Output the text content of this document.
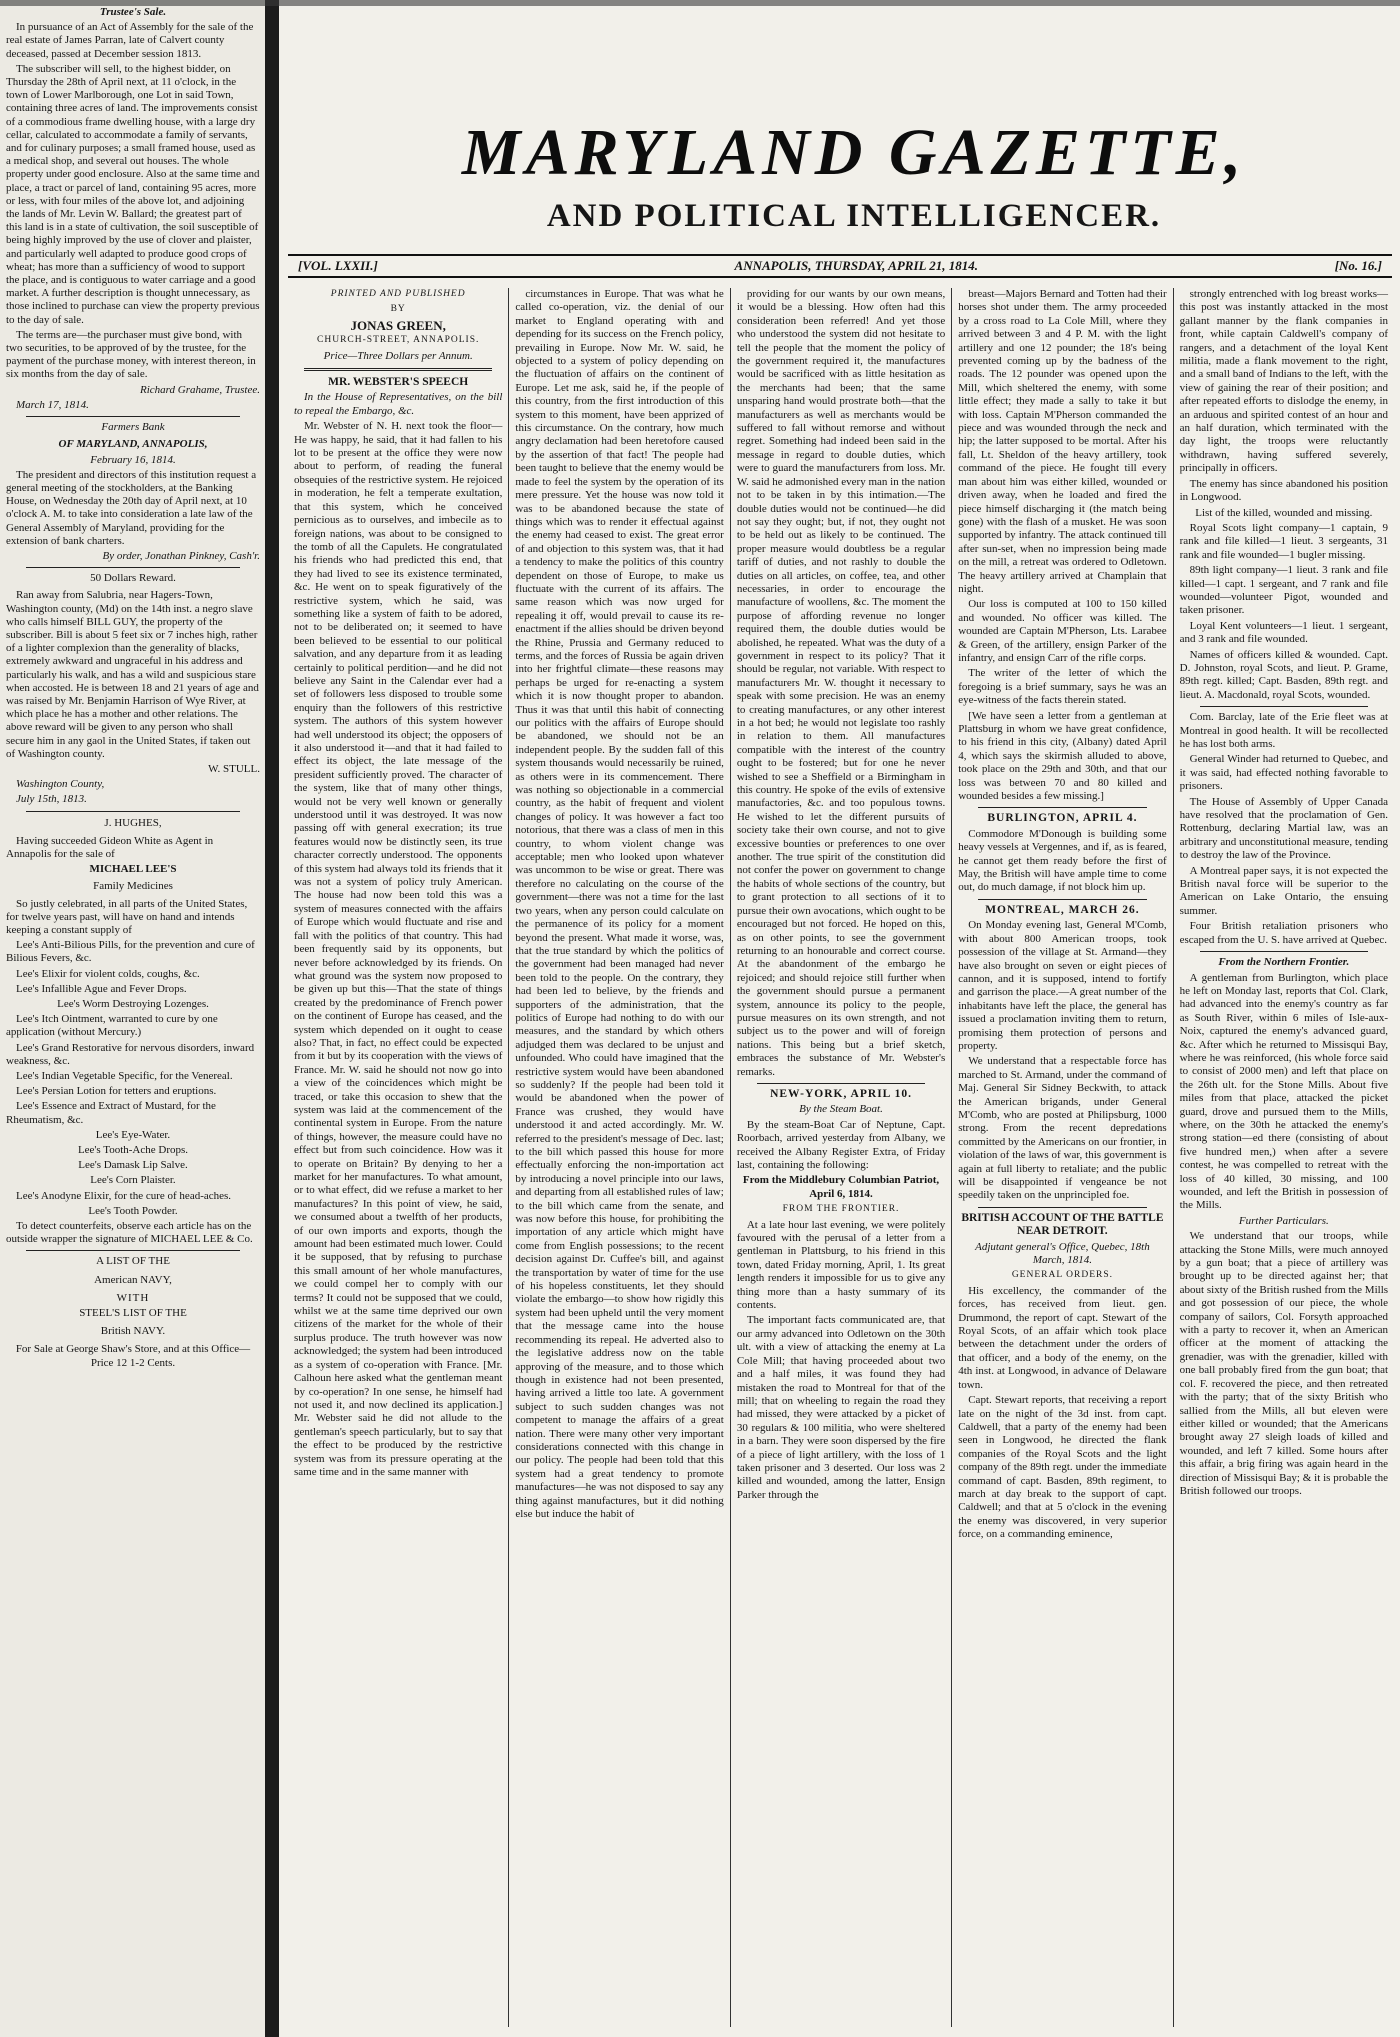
Trustee's Sale.

In pursuance of an Act of Assembly for the sale of the real estate of James Parran, late of Calvert county deceased, passed at December session 1813.

The subscriber will sell, to the highest bidder, on Thursday the 28th of April next, at 11 o'clock, in the town of Lower Marlborough, one Lot in said Town, containing three acres of land. The improvements consist of a commodious frame dwelling house, with a large dry cellar, calculated to accommodate a family of servants, and for culinary purposes; a small framed house, used as a medical shop, and several out houses. The whole property under good enclosure. Also at the same time and place, a tract or parcel of land, containing 95 acres, more or less, with four miles of the above lot, and adjoining the lands of Mr. Levin W. Ballard; the greatest part of this land is in a state of cultivation, the soil susceptible of being highly improved by the use of clover and plaister, and particularly well adapted to produce good crops of wheat; has more than a sufficiency of wood to support the place, and is contiguous to water carriage and a good market. A further description is thought unnecessary, as those inclined to purchase can view the property previous to the day of sale.

The terms are—the purchaser must give bond, with two securities, to be approved of by the trustee, for the payment of the purchase money, with interest thereon, in six months from the day of sale.

Richard Grahame, Trustee.

March 17, 1814.

Farmers Bank

OF MARYLAND, ANNAPOLIS,

February 16, 1814.

The president and directors of this institution request a general meeting of the stockholders, at the Banking House, on Wednesday the 20th day of April next, at 10 o'clock A. M. to take into consideration a late law of the General Assembly of Maryland, providing for the extension of bank charters.

By order, Jonathan Pinkney, Cash'r.

50 Dollars Reward.

Ran away from Salubria, near Hagers-Town, Washington county, (Md) on the 14th inst. a negro slave who calls himself BILL GUY, the property of the subscriber. Bill is about 5 feet six or 7 inches high, rather of a lighter complexion than the generality of blacks, extremely awkward and ungraceful in his address and particularly his walk, and has a wild and suspicious stare when accosted. He is between 18 and 21 years of age and was raised by Mr. Benjamin Harrison of Wye River, at which place he has a mother and other relations. The above reward will be given to any person who shall secure him in any gaol in the United States, if taken out of Washington county.

W. STULL.

Washington County,

July 15th, 1813.

J. HUGHES,

Having succeeded Gideon White as Agent in Annapolis for the sale of

MICHAEL LEE'S

Family Medicines

So justly celebrated, in all parts of the United States, for twelve years past, will have on hand and intends keeping a constant supply of

Lee's Anti-Bilious Pills, for the prevention and cure of Bilious Fevers, &c.

Lee's Elixir for violent colds, coughs, &c.

Lee's Infallible Ague and Fever Drops.

Lee's Worm Destroying Lozenges.

Lee's Itch Ointment, warranted to cure by one application (without Mercury.)

Lee's Grand Restorative for nervous disorders, inward weakness, &c.

Lee's Indian Vegetable Specific, for the Venereal.

Lee's Persian Lotion for tetters and eruptions.

Lee's Essence and Extract of Mustard, for the Rheumatism, &c.

Lee's Eye-Water.

Lee's Tooth-Ache Drops.

Lee's Damask Lip Salve.

Lee's Corn Plaister.

Lee's Anodyne Elixir, for the cure of head-aches.

Lee's Tooth Powder.

To detect counterfeits, observe each article has on the outside wrapper the signature of MICHAEL LEE & Co.

A LIST OF THE

American NAVY,

WITH

STEEL'S LIST OF THE

British NAVY.

For Sale at George Shaw's Store, and at this Office—Price 12 1-2 Cents.

MARYLAND GAZETTE,
AND POLITICAL INTELLIGENCER.
[VOL. LXXII.]	ANNAPOLIS, THURSDAY, APRIL 21, 1814.	[No. 16.]

PRINTED AND PUBLISHED

BY

JONAS GREEN,

CHURCH-STREET, ANNAPOLIS.

Price—Three Dollars per Annum.

MR. WEBSTER'S SPEECH

In the House of Representatives, on the bill to repeal the Embargo, &c.

Mr. Webster of N. H. next took the floor—He was happy, he said, that it had fallen to his lot to be present at the office they were now about to perform, of reading the funeral obsequies of the restrictive system. He rejoiced in moderation, he felt a temperate exultation, that this system, which he conceived pernicious as to ourselves, and imbecile as to foreign nations, was about to be consigned to the tomb of all the Capulets. He congratulated his friends who had predicted this end, that they had lived to see its existence terminated, &c. He went on to speak figuratively of the restrictive system, which he said, was something like a system of faith to be adored, not to be deliberated on; it seemed to have been believed to be essential to our political salvation, and any departure from it as leading certainly to political perdition—and he did not believe any Saint in the Calendar ever had a set of followers less disposed to trouble some enquiry than the followers of this restrictive system. The authors of this system however had well understood its object; the opposers of it also understood it—and that it had failed to effect its object, the late message of the president sufficiently proved. The character of the system, like that of many other things, would not be very well known or generally understood until it was destroyed. It was now passing off with general execration; its true features would now be distinctly seen, its true character correctly understood. The opponents of this system had always told its friends that it was not a system of policy truly American. The house had now been told this was a system of measures connected with the affairs of Europe which would fluctuate and rise and fall with the politics of that country. This had been frequently said by its opponents, but never before acknowledged by its friends. On what ground was the system now proposed to be given up but this—That the state of things created by the predominance of French power on the continent of Europe has ceased, and the system which depended on it ought to cease also? That, in fact, no effect could be expected from it but by its cooperation with the views of France. Mr. W. said he should not now go into a view of the coincidences which might be traced, or take this occasion to shew that the system was laid at the commencement of the continental system in Europe. From the nature of things, however, the measure could have no effect but from such coincidence. How was it to operate on Britain? By denying to her a market for her manufactures. To what amount, or to what effect, did we refuse a market to her manufactures? In this point of view, he said, we consumed about a twelfth of her products, of our own imports and exports, though the amount had been estimated much lower. Could it be supposed, that by refusing to purchase this small amount of her whole manufactures, we could compel her to comply with our terms? It could not be supposed that we could, whilst we at the same time deprived our own citizens of the market for the whole of their surplus produce. The truth however was now acknowledged; the system had been introduced as a system of co-operation with France. [Mr. Calhoun here asked what the gentleman meant by co-operation? In one sense, he himself had not used it, and now declined its application.] Mr. Webster said he did not allude to the gentleman's speech particularly, but to say that the effect to be produced by the restrictive system was from its pressure operating at the same time and in the same manner with

circumstances in Europe. That was what he called co-operation, viz. the denial of our market to England operating with and depending for its success on the French policy, prevailing in Europe. Now Mr. W. said, he objected to a system of policy depending on the fluctuation of affairs on the continent of Europe. Let me ask, said he, if the people of this country, from the first introduction of this system to this moment, have been apprized of this circumstance. On the contrary, how much angry declamation had been heretofore caused by the assertion of that fact! The people had been taught to believe that the enemy would be made to feel the system by the operation of its mere pressure. Yet the house was now told it was to be abandoned because the state of things which was to render it effectual against the enemy had ceased to exist. The great error of and objection to this system was, that it had a tendency to make the politics of this country dependent on those of Europe, to make us fluctuate with the current of its affairs. The same reason which was now urged for repealing it off, would prevail to cause its re-enactment if the allies should be driven beyond the Rhine, Prussia and Germany reduced to terms, and the forces of Russia be again driven into her frightful climate—these reasons may perhaps be urged for re-enacting a system which it is now thought proper to abandon. Thus it was that until this habit of connecting our politics with the affairs of Europe should be abandoned, we should not be an independent people. By the sudden fall of this system thousands would necessarily be ruined, as others were in its commencement. There was nothing so objectionable in a commercial country, as the habit of frequent and violent changes of policy. It was however a fact too notorious, that there was a class of men in this country, to whom violent change was acceptable; men who looked upon whatever was uncommon to be wise or great. There was therefore no calculating on the course of the government—there was not a time for the last two years, when any person could calculate on the permanence of its policy for a moment beyond the present. What made it worse, was, that the true standard by which the politics of the government had been managed had never been told to the people. On the contrary, they had been led to believe, by the friends and supporters of the administration, that the politics of Europe had nothing to do with our measures, and the standard by which others adjudged them was declared to be unjust and unfounded. Who could have imagined that the restrictive system would have been abandoned so suddenly? If the people had been told it would be abandoned when the power of France was crushed, they would have understood it and acted accordingly. Mr. W. referred to the president's message of Dec. last; to the bill which passed this house for more effectually enforcing the non-importation act by introducing a novel principle into our laws, and departing from all established rules of law; to the bill which came from the senate, and was now before this house, for prohibiting the importation of any article which might have come from English possessions; to the recent decision against Dr. Cuffee's bill, and against the transportation by water of time for the use of his hopeless constituents, let they should violate the embargo—to show how rigidly this system had been upheld until the very moment that the message came into the house recommending its repeal. He adverted also to the legislative address now on the table approving of the measure, and to those which though in existence had not been presented, having arrived a little too late. A government subject to such sudden changes was not competent to manage the affairs of a great nation. There were many other very important considerations connected with this change in our policy. The people had been told that this system had a great tendency to promote manufactures—he was not disposed to say any thing against manufactures, but it did nothing else but induce the habit of

providing for our wants by our own means, it would be a blessing. How often had this consideration been referred! And yet those who understood the system did not hesitate to tell the people that the moment the policy of the government required it, the manufactures would be sacrificed with as little hesitation as the merchants had been; that the same unsparing hand would prostrate both—that the manufacturers as well as merchants would be suffered to fall without remorse and without regret. Something had indeed been said in the message in regard to double duties, which were to guard the manufacturers from loss. Mr. W. said he admonished every man in the nation not to be taken in by this intimation.—The double duties would not be continued—he did not say they ought; but, if not, they ought not to be held out as likely to be continued. The proper measure would doubtless be a regular tariff of duties, and not rashly to double the duties on all articles, on coffee, tea, and other necessaries, in order to encourage the manufacture of woollens, &c. The moment the purpose of affording revenue no longer required them, the double duties would be abolished, he repeated. What was the duty of a government in respect to its policy? That it should be regular, not variable. With respect to manufacturers Mr. W. thought it necessary to speak with some precision. He was an enemy to creating manufactures, or any other interest in a hot bed; he would not legislate too rashly in relation to them. All manufactures compatible with the interest of the country ought to be fostered; but for one he never wished to see a Sheffield or a Birmingham in this country. He spoke of the evils of extensive manufactories, &c. and too populous towns. He wished to let the different pursuits of society take their own course, and not to give excessive bounties or preferences to one over another. The true spirit of the constitution did not confer the power on government to change the habits of whole sections of the country, but to grant protection to all sections of it to pursue their own avocations, which ought to be encouraged but not forced. He hoped on this, as on other points, to see the government returning to an honourable and correct course. At the abandonment of the embargo he rejoiced; and should rejoice still further when the government should pursue a permanent system, announce its policy to the people, pursue measures on its own strength, and not subject us to the power and will of foreign nations. This being but a brief sketch, embraces the substance of Mr. Webster's remarks.

NEW-YORK, APRIL 10.

By the Steam Boat.

By the steam-Boat Car of Neptune, Capt. Roorbach, arrived yesterday from Albany, we received the Albany Register Extra, of Friday last, containing the following:

From the Middlebury Columbian Patriot, April 6, 1814.

FROM THE FRONTIER.

At a late hour last evening, we were politely favoured with the perusal of a letter from a gentleman in Plattsburg, to his friend in this town, dated Friday morning, April, 1. Its great length renders it impossible for us to give any thing more than a hasty summary of its contents.

The important facts communicated are, that our army advanced into Odletown on the 30th ult. with a view of attacking the enemy at La Cole Mill; that having proceeded about two and a half miles, it was found they had mistaken the road to Montreal for that of the mill; that on wheeling to regain the road they had missed, they were attacked by a picket of 30 regulars & 100 militia, who were sheltered in a barn. They were soon dispersed by the fire of a piece of light artillery, with the loss of 1 taken prisoner and 3 deserted. Our loss was 2 killed and wounded, among the latter, Ensign Parker through the

breast—Majors Bernard and Totten had their horses shot under them. The army proceeded by a cross road to La Cole Mill, where they arrived between 3 and 4 P. M. with the light artillery and one 12 pounder; the 18's being prevented coming up by the badness of the roads. The 12 pounder was opened upon the Mill, which sheltered the enemy, with some little effect; they made a sally to take it but with loss. Captain M'Pherson commanded the piece and was wounded through the neck and hip; the latter supposed to be mortal. After his fall, Lt. Sheldon of the heavy artillery, took command of the piece. He fought till every man about him was either killed, wounded or driven away, when he loaded and fired the piece himself discharging it (the match being gone) with the flash of a musket. He was soon supported by infantry. The attack continued till after sun-set, when no impression being made on the mill, a retreat was ordered to Odletown. The heavy artillery arrived at Champlain that night.

Our loss is computed at 100 to 150 killed and wounded. No officer was killed. The wounded are Captain M'Pherson, Lts. Larabee & Green, of the artillery, ensign Parker of the infantry, and ensign Carr of the rifle corps.

The writer of the letter of which the foregoing is a brief summary, says he was an eye-witness of the facts therein stated.

[We have seen a letter from a gentleman at Plattsburg in whom we have great confidence, to his friend in this city, (Albany) dated April 4, which says the skirmish alluded to above, took place on the 29th and 30th, and that our loss was between 70 and 80 killed and wounded besides a few missing.]

BURLINGTON, APRIL 4.

Commodore M'Donough is building some heavy vessels at Vergennes, and if, as is feared, he cannot get them ready before the first of May, the British will have ample time to come out, do much damage, if not block him up.

MONTREAL, MARCH 26.

On Monday evening last, General M'Comb, with about 800 American troops, took possession of the village at St. Armand—they have also brought on seven or eight pieces of cannon, and it is supposed, intend to fortify and garrison the place.—A great number of the inhabitants have left the place, the general has issued a proclamation inviting them to return, promising them protection of persons and property.

We understand that a respectable force has marched to St. Armand, under the command of Maj. General Sir Sidney Beckwith, to attack the American brigands, under General M'Comb, who are posted at Philipsburg, 1000 strong. From the recent depredations committed by the Americans on our frontier, in violation of the laws of war, this government is again at full liberty to retaliate; and the public will be disappointed if vengeance be not speedily taken on the unprincipled foe.

BRITISH ACCOUNT OF THE BATTLE NEAR DETROIT.

Adjutant general's Office, Quebec, 18th March, 1814.

GENERAL ORDERS.

His excellency, the commander of the forces, has received from lieut. gen. Drummond, the report of capt. Stewart of the Royal Scots, of an affair which took place between the detachment under the orders of that officer, and a body of the enemy, on the 4th inst. at Longwood, in advance of Delaware town.

Capt. Stewart reports, that receiving a report late on the night of the 3d inst. from capt. Caldwell, that a party of the enemy had been seen in Longwood, he directed the flank companies of the Royal Scots and the light company of the 89th regt. under the immediate command of capt. Basden, 89th regiment, to march at day break to the support of capt. Caldwell; and that at 5 o'clock in the evening the enemy was discovered, in very superior force, on a commanding eminence,

strongly entrenched with log breast works—this post was instantly attacked in the most gallant manner by the flank companies in front, while captain Caldwell's company of rangers, and a detachment of the loyal Kent militia, made a flank movement to the right, and a small band of Indians to the left, with the view of gaining the rear of their position; and after repeated efforts to dislodge the enemy, in an arduous and spirited contest of an hour and an half duration, which terminated with the day light, the troops were reluctantly withdrawn, having suffered severely, principally in officers.

The enemy has since abandoned his position in Longwood.

List of the killed, wounded and missing.

Royal Scots light company—1 captain, 9 rank and file killed—1 lieut. 3 sergeants, 31 rank and file wounded—1 bugler missing.

89th light company—1 lieut. 3 rank and file killed—1 capt. 1 sergeant, and 7 rank and file wounded—volunteer Pigot, wounded and taken prisoner.

Loyal Kent volunteers—1 lieut. 1 sergeant, and 3 rank and file wounded.

Names of officers killed & wounded. Capt. D. Johnston, royal Scots, and lieut. P. Grame, 89th regt. killed; Capt. Basden, 89th regt. and lieut. A. Macdonald, royal Scots, wounded.

Com. Barclay, late of the Erie fleet was at Montreal in good health. It will be recollected he has lost both arms.

General Winder had returned to Quebec, and it was said, had effected nothing favorable to prisoners.

The House of Assembly of Upper Canada have resolved that the proclamation of Gen. Rottenburg, declaring Martial law, was an arbitrary and unconstitutional measure, tending to destroy the law of the Province.

A Montreal paper says, it is not expected the British naval force will be superior to the American on Lake Ontario, the ensuing summer.

Four British retaliation prisoners who escaped from the U. S. have arrived at Quebec.

From the Northern Frontier.

A gentleman from Burlington, which place he left on Monday last, reports that Col. Clark, had advanced into the enemy's country as far as South River, within 6 miles of Isle-aux-Noix, captured the enemy's advanced guard, &c. After which he returned to Missisqui Bay, where he was reinforced, (his whole force said to consist of 2000 men) and left that place on the 26th ult. for the Stone Mills. About five miles from that place, attacked the picket guard, drove and pursued them to the Mills, where, on the 30th he attacked the enemy's strong station—ed there (consisting of about five hundred men,) when after a severe contest, he was compelled to retreat with the loss of 40 killed, 30 missing, and 100 wounded, and left the British in possession of the Mills.

Further Particulars.

We understand that our troops, while attacking the Stone Mills, were much annoyed by a gun boat; that a piece of artillery was brought up to be directed against her; that about sixty of the British rushed from the Mills and got possession of our piece, the whole company of sailors, Col. Forsyth approached with a party to recover it, when an American officer at the moment of attacking the grenadier, was with the grenadier, killed with one ball probably fired from the gun boat; that col. F. recovered the piece, and then retreated with the party; that of the sixty British who sallied from the Mills, all but eleven were either killed or wounded; that the Americans brought away 27 sleigh loads of killed and wounded, and left 7 killed. Some hours after this affair, a brig firing was again heard in the direction of Missisqui Bay; & it is probable the British followed our troops.
